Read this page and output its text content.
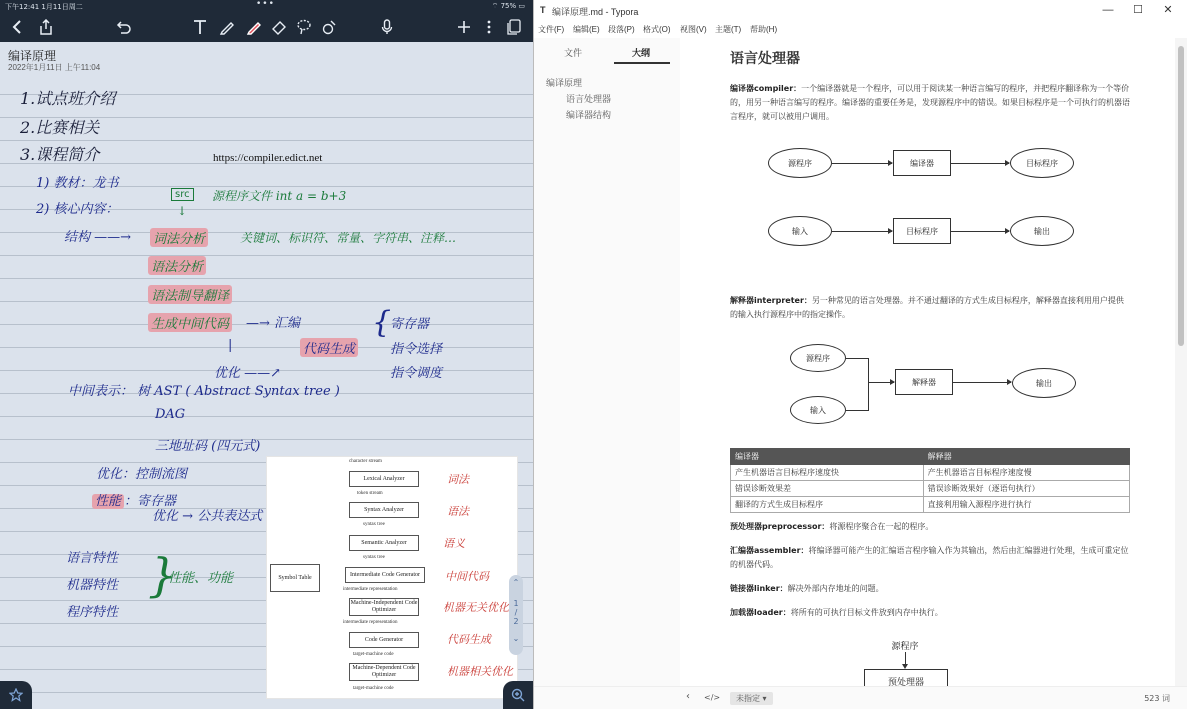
下午12:41 1月11日周二	•••	⌔ 75% ▭
编译原理
2022年1月11日 上午11:04
1.试点班介绍
2.比赛相关
3.课程简介	https://compiler.edict.net
1) 教材：龙书
2) 核心内容：
src	源程序文件 int a = b+3
↓
结构 ——→ 词法分析	关键词、标识符、常量、字符串、注释…
语法分析
语法制导翻译
生成中间代码 —→ 汇编
代码生成
{
寄存器
指令选择
指令调度
|
优化 ——↗
中间表示： 树 AST ( Abstract Syntax tree )
DAG
三地址码 (四元式)
优化：控制流图
性能 ：寄存器
优化 → 公共表达式
语言特性
机器特性
程序特性
}
性能、功能
character stream
Lexical Analyzer
token stream
Syntax Analyzer
syntax tree
Semantic Analyzer
syntax tree
Intermediate Code Generator
intermediate representation
Machine-Independent Code Optimizer
intermediate representation
Code Generator
target-machine code
Machine-Dependent Code Optimizer
target-machine code
Symbol Table
词法
语法
语义
中间代码
机器无关优化
代码生成
机器相关优化
⌃
1
/
2
⌄
T 编译原理.md - Typora	— ☐	✕
文件(F) 编辑(E) 段落(P) 格式(O) 视图(V) 主题(T) 帮助(H)
文件	大纲
编译原理
语言处理器
编译器结构
语言处理器
编译器compiler：一个编译器就是一个程序，可以用于阅读某一种语言编写的程序，并把程序翻译称为一个等价的，用另一种语言编写的程序。编译器的重要任务是，发现源程序中的错误。如果目标程序是一个可执行的机器语言程序，就可以被用户调用。
源程序	编译器	目标程序
输入	目标程序	输出
解释器interpreter：另一种常见的语言处理器。并不通过翻译的方式生成目标程序，解释器直接利用用户提供的输入执行源程序中的指定操作。
源程序
输入
解释器	输出
编译器	解释器
产生机器语言目标程序速度快	产生机器语言目标程序速度慢
错误诊断效果差	错误诊断效果好（逐语句执行）
翻译的方式生成目标程序	直接利用输入源程序进行执行
预处理器preprocessor：将源程序聚合在一起的程序。
汇编器assembler：将编译器可能产生的汇编语言程序输入作为其输出，然后由汇编器进行处理，生成可重定位的机器代码。
链接器linker：解决外部内存地址的问题。
加载器loader：将所有的可执行目标文件放到内存中执行。
源程序
预处理器
‹ </>	未指定 ▾	523 词
